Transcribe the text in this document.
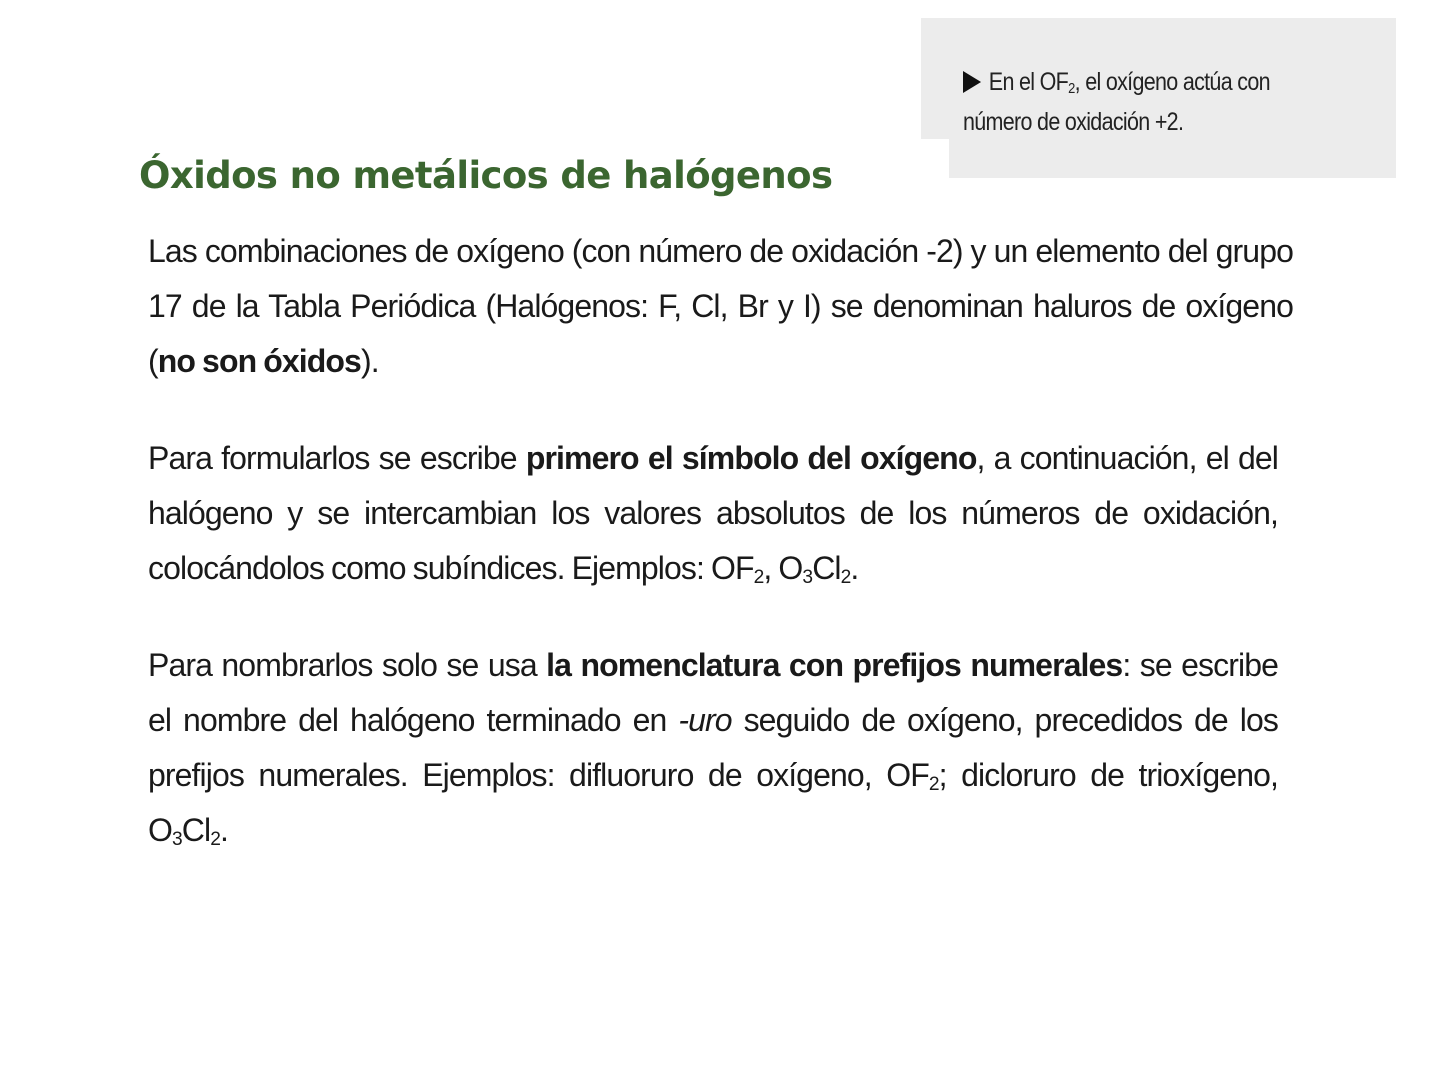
En el $OF_2$, el oxígeno actúa con
número de oxidación +2.
Óxidos no metálicos de halógenos

Las combinaciones de oxígeno (con número de oxidación -2) y un elemento del grupo 17 de la Tabla Periódica (Halógenos: F, Cl, Br y I) se denominan haluros de oxígeno (no son óxidos).

Para formularlos se escribe primero el símbolo del oxígeno, a continuación, el del halógeno y se intercambian los valores absolutos de los números de oxidación, colocándolos como subíndices. Ejemplos: $OF_2$, $O_3Cl_2$.

Para nombrarlos solo se usa la nomenclatura con prefijos numerales: se escribe el nombre del halógeno terminado en -uro seguido de oxígeno, precedidos de los prefijos numerales. Ejemplos: difluoruro de oxígeno, $OF_2$; dicloruro de trioxígeno, $O_3Cl_2$.
